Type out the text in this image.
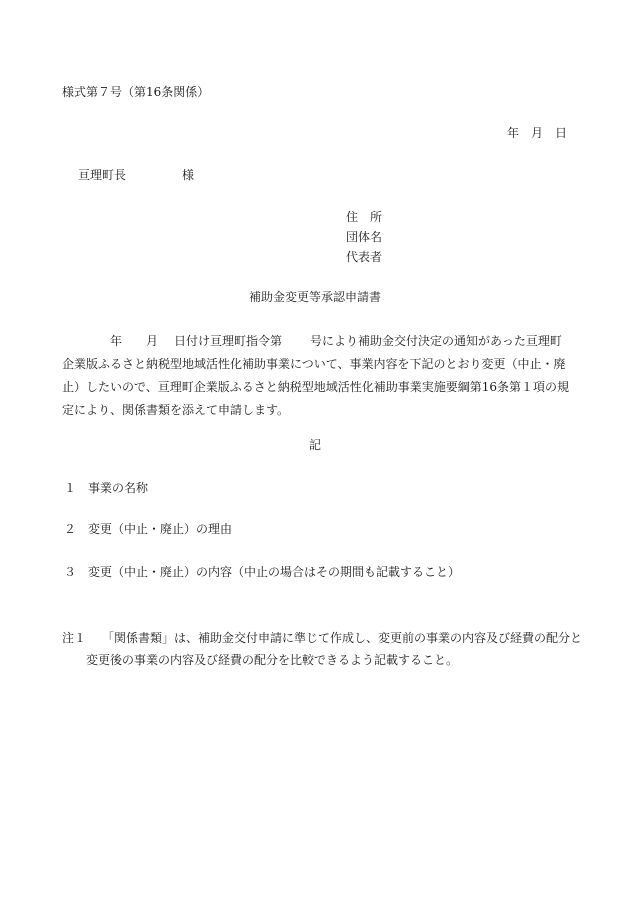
様式第７号（第16条関係）
年　月　日
亘理町長	様
住　所
団体名
代表者
補助金変更等承認申請書

年 月 日付け亘理町指令第 号により補助金交付決定の通知があった亘理町

企業版ふるさと納税型地域活性化補助事業について、事業内容を下記のとおり変更（中止・廃

止）したいので、亘理町企業版ふるさと納税型地域活性化補助事業実施要綱第16条第１項の規

定により、関係書類を添えて申請します。

記
１ 事業の名称
２ 変更（中止・廃止）の理由
３ 変更（中止・廃止）の内容（中止の場合はその期間も記載すること）
注１ 「関係書類」は、補助金交付申請に準じて作成し、変更前の事業の内容及び経費の配分と
変更後の事業の内容及び経費の配分を比較できるよう記載すること。
